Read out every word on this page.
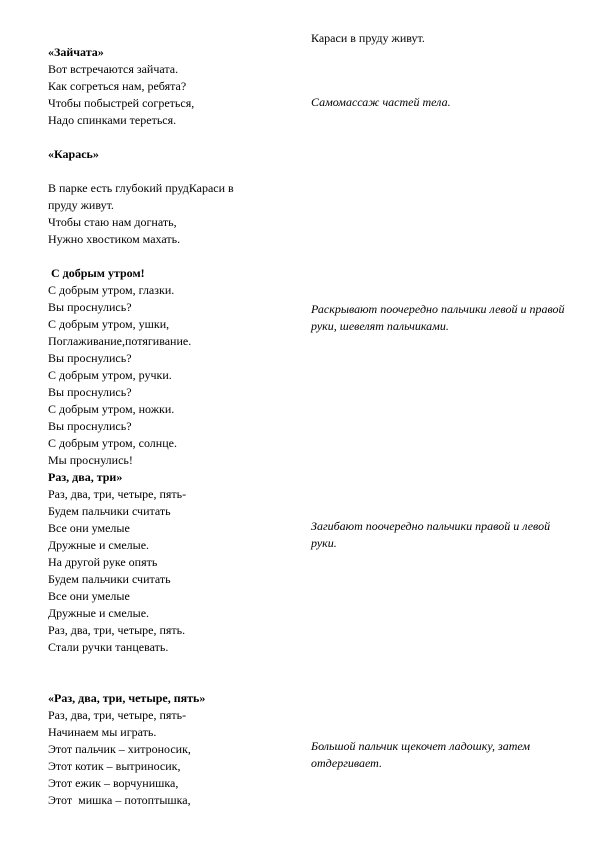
«Зайчата»
Вот встречаются зайчата.
Как согреться нам, ребята?
Чтобы побыстрей согреться,
Надо спинками тереться.
«Карась»
В парке есть глубокий прудКараси в
пруду живут.
Чтобы стаю нам догнать,
Нужно хвостиком махать.
С добрым утром!
С добрым утром, глазки.
Вы проснулись?
С добрым утром, ушки,
Поглаживание,потягивание.
Вы проснулись?
С добрым утром, ручки.
Вы проснулись?
С добрым утром, ножки.
Вы проснулись?
С добрым утром, солнце.
Мы проснулись!
Раз, два, три»
Раз, два, три, четыре, пять-
Будем пальчики считать
Все они умелые
Дружные и смелые.
На другой руке опять
Будем пальчики считать
Все они умелые
Дружные и смелые.
Раз, два, три, четыре, пять.
Стали ручки танцевать.
«Раз, два, три, четыре, пять»
Раз, два, три, четыре, пять-
Начинаем мы играть.
Этот пальчик – хитроносик,
Этот котик – вытриносик,
Этот ежик – ворчунишка,
Этот  мишка – потоптышка,
Караси в пруду живут.
Самомассаж частей тела.
Раскрывают поочередно пальчики левой и правой руки, шевелят пальчиками.
Загибают поочередно пальчики правой и левой руки.
Большой пальчик щекочет ладошку, затем отдергивает.
